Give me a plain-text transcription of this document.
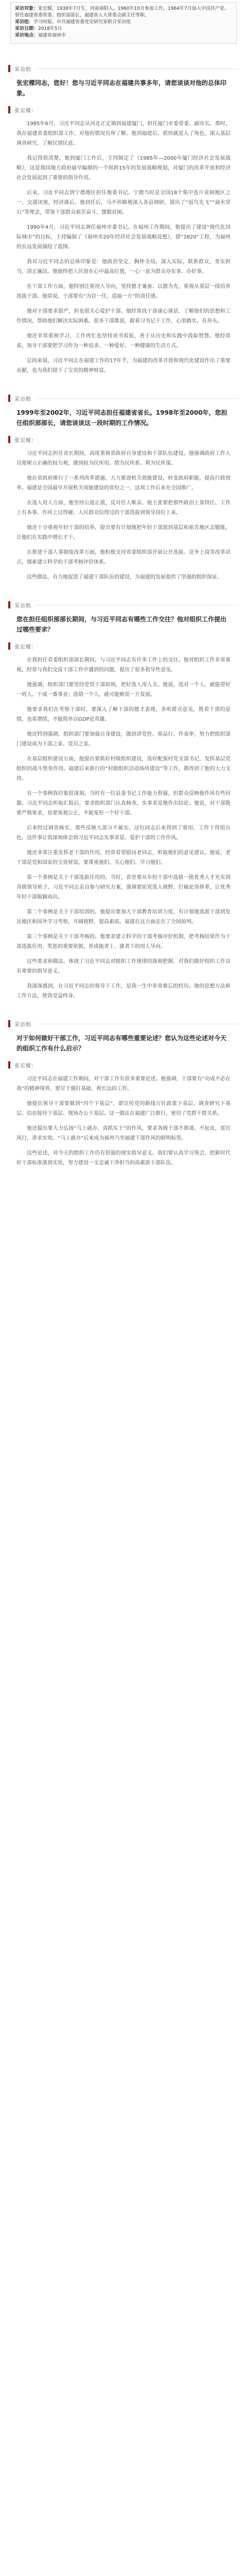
采访对象：张宏樑，1938年7月生，河南南阳人。1960年10月参加工作，1964年7月加入中国共产党。曾任福建省委常委、组织部部长，福建省人大常委会副主任等职。

采访组：学习时报、中共福建省委党史研究室联合采访组

采访日期：2018年5月

采访地点：福建省福州市

采访组
张宏樑同志，您好！您与习近平同志在福建共事多年，请您谈谈对他的总体印象。
张宏樑：

1985年6月，习近平同志从河北正定调到福建厦门，担任厦门市委常委、副市长。那时，我在福建省委组织部工作，对他的情况有所了解。他到福建后，很快就进入了角色，深入基层调查研究，了解民情民意。

我记得很清楚，他到厦门工作后，主持制定了《1985年—2000年厦门经济社会发展战略》，这是我国地方政府最早编制的一个纵跨15年的发展战略规划，对厦门的改革开放和经济社会发展起到了重要的指导作用。

后来，习近平同志到宁德地区担任地委书记。宁德当时是全国18个集中连片贫困地区之一，交通闭塞，经济落后。他到任后，马不停蹄地深入各县调研，提出了“弱鸟先飞”“滴水穿石”等理念，带领干部群众艰苦奋斗，摆脱贫困。

1990年4月，习近平同志调任福州市委书记。在福州工作期间，他提出了建设“现代化国际城市”的目标，主持编制了《福州市20年经济社会发展战略设想》，即“3820”工程，为福州的长远发展描绘了蓝图。

我对习近平同志的总体印象是：他政治坚定，胸怀全局，深入实际，联系群众，务实担当，清正廉洁。他始终把人民放在心中最高位置，一心一意为群众办实事、办好事。

在干部工作方面，他特别注重用人导向，坚持德才兼备、以德为先，重视从基层一线培养选拔干部。他常说，干部要有“为官一任，造福一方”的责任感。

他对干部要求很严，但也很关心爱护干部。他经常找干部谈心谈话，了解他们的思想和工作情况，帮助他们解决实际困难。很多干部都说，跟着习书记干工作，心里踏实，有奔头。

他还非常重视学习，工作再忙也坚持读书看报，善于从历史和实践中汲取智慧。他经常说，领导干部要把学习作为一种追求、一种爱好、一种健康的生活方式。

总的来说，习近平同志在福建工作的17年半，为福建的改革开放和现代化建设作出了重要贡献，也为我们留下了宝贵的精神财富。

采访组
1999年至2002年，习近平同志担任福建省省长。1998年至2000年，您担任组织部部长，请您谈谈这一段时期的工作情况。
张宏樑：

习近平同志担任省长期间，高度重视省政府自身建设和干部队伍建设。他强调政府工作人员要树立正确的权力观，做到权为民所用、情为民所系、利为民所谋。

他在省政府推行了一系列改革措施，大力推进机关效能建设，转变政府职能，提高行政效率。福建是全国最早开展机关效能建设的省份之一，这项工作后来在全国推广。

在选人用人方面，他坚持公道正派，反对任人唯亲。他主张要把那些政治上靠得住、工作上有本事、作风上过得硬、人民群众信得过的干部选拔到领导岗位上来。

他还十分重视年轻干部的培养，提出要有计划地把年轻干部放到基层和艰苦地区去锻炼，让他们在实践中增长才干。

在推进干部人事制度改革方面，他积极支持省委组织部开展公开选拔、竞争上岗等改革试点，探索建立科学的干部考核评价体系。

这些做法，有力地促进了福建干部队伍的建设，为福建的发展提供了坚强的组织保证。

采访组
您在担任组织部部长期间，与习近平同志有哪些工作交往？他对组织工作提出过哪些要求？
张宏樑：

在我担任省委组织部部长期间，与习近平同志有许多工作上的交往。他对组织工作非常重视，经常与我们交流干部工作中遇到的问题，提出了很多指导性意见。

他强调，组织部门要坚持党管干部原则，把好选人用人关。他说，选对一个人，就能带好一班人、干成一番事业；选错一个人，就可能贻误一方发展。

他要求我们在考察干部时，要深入了解干部的德才表现，多听群众意见，既看干部的显绩，也看潜绩，不能简单以GDP论英雄。

他还特别强调，组织部门要加强自身建设，做到讲党性、重品行、作表率，努力把组织部门建设成为干部之家、党员之家。

在基层组织建设方面，他提出要抓好村级组织建设，选好配强村党支部书记，发挥基层党组织的战斗堡垒作用。福建后来推行的“村级组织活动场所建设”等工作，都得到了他的大力支持。

有一个事例我印象很深刻。当时有一位县委书记工作能力很强，但群众反映他作风有些问题。习近平同志听取汇报后，要求组织部门认真核查，实事求是地作出结论。他说，对干部既要严格要求，也要客观公正，不能冤枉一个好干部。

后来经过调查核实，那些反映大部分不属实。这位同志后来得到了重用，工作干得很出色。这件事让我深刻体会到习近平同志实事求是、爱护干部的工作作风。

他还非常注重发挥老干部的作用，经常看望慰问老同志，听取他们的意见建议。他说，老干部是党和国家的宝贵财富，要尊重他们、关心他们、学习他们。

第一个事例是关于干部选拔任用的。当时，省里要从年轻干部中选拔一批优秀人才充实到各级领导班子。习近平同志亲自参与研究方案，强调要拓宽选人视野，打破论资排辈，让优秀年轻干部脱颖而出。

第二个事例是关于干部培训的。他提出要加大干部教育培训力度，有计划地选派干部到发达地区和国外学习考察，开阔视野，提高素质。福建在这方面走在了全国前列。

第三个事例是关于干部考核的。他要求建立科学的干部考核评价机制，把考核结果作为干部选拔任用、奖惩的重要依据，形成能者上、庸者下的用人导向。

这些要求和做法，体现了习近平同志对组织工作规律的深刻把握，对我们做好组织工作具有重要的指导意义。

我深深感到，在习近平同志的领导下工作，是我一生中非常难忘的经历。他的思想方法和工作方法，使我受益终身。

采访组
对于如何做好干部工作，习近平同志有哪些重要论述？您认为这些论述对今天的组织工作有什么启示？
张宏樑：

习近平同志在福建工作期间，对干部工作有很多重要论述。他强调，干部要有“功成不必在我”的精神境界，要甘于做打基础、利长远的工作。

他提出领导干部要做到“四个下基层”，即宣传党的路线方针政策下基层、调查研究下基层、信访接待下基层、现场办公下基层。这一做法在福建广泛推行，密切了党群干群关系。

他还提出要大力弘扬“马上就办、真抓实干”的作风，要求各级干部不推诿、不扯皮，雷厉风行，讲求实效。“马上就办”后来成为福州乃至福建干部作风的鲜明标签。

这些论述，对今天的组织工作仍有很强的现实指导意义。我们要认真学习领会，把新时代好干部标准落到实处，努力建设一支忠诚干净担当的高素质干部队伍。
